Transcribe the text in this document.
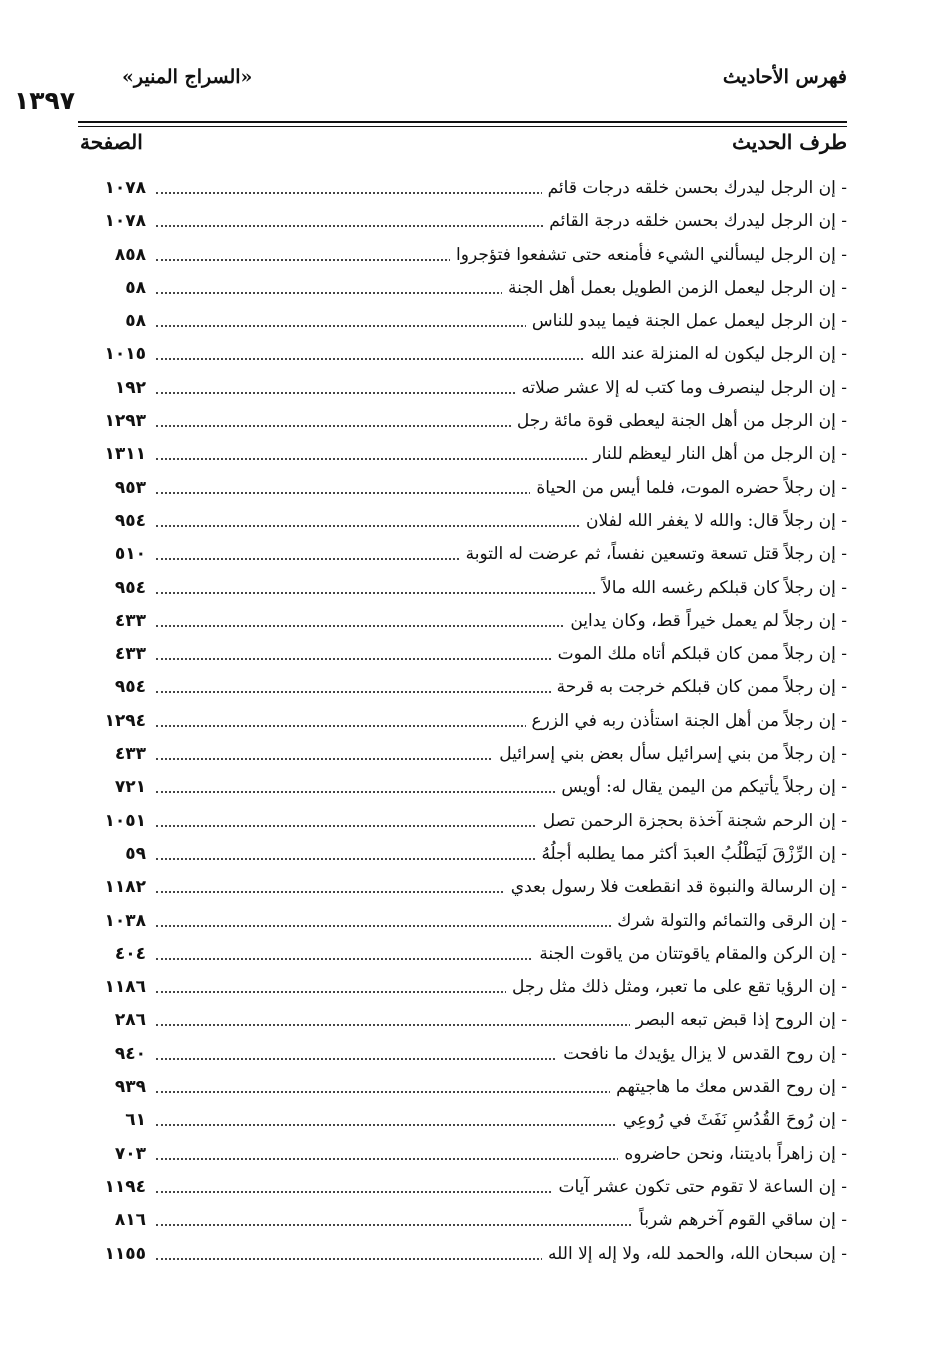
فهرس الأحاديث
«السراج المنير»
١٣٩٧
طرف الحديث
الصفحة
- إن الرجل ليدرك بحسن خلقه درجات قائم
١٠٧٨
- إن الرجل ليدرك بحسن خلقه درجة القائم
١٠٧٨
- إن الرجل ليسألني الشيء فأمنعه حتى تشفعوا فتؤجروا
٨٥٨
- إن الرجل ليعمل الزمن الطويل بعمل أهل الجنة
٥٨
- إن الرجل ليعمل عمل الجنة فيما يبدو للناس
٥٨
- إن الرجل ليكون له المنزلة عند الله
١٠١٥
- إن الرجل لينصرف وما كتب له إلا عشر صلاته
١٩٢
- إن الرجل من أهل الجنة ليعطى قوة مائة رجل
١٢٩٣
- إن الرجل من أهل النار ليعظم للنار
١٣١١
- إن رجلاً حضره الموت، فلما أيس من الحياة
٩٥٣
- إن رجلاً قال: والله لا يغفر الله لفلان
٩٥٤
- إن رجلاً قتل تسعة وتسعين نفساً، ثم عرضت له التوبة
٥١٠
- إن رجلاً كان قبلكم رغسه الله مالاً
٩٥٤
- إن رجلاً لم يعمل خيراً قط، وكان يداين
٤٣٣
- إن رجلاً ممن كان قبلكم أتاه ملك الموت
٤٣٣
- إن رجلاً ممن كان قبلكم خرجت به قرحة
٩٥٤
- إن رجلاً من أهل الجنة استأذن ربه في الزرع
١٢٩٤
- إن رجلاً من بني إسرائيل سأل بعض بني إسرائيل
٤٣٣
- إن رجلاً يأتيكم من اليمن يقال له: أويس
٧٢١
- إن الرحم شجنة آخذة بحجزة الرحمن تصل
١٠٥١
- إن الرِّزْقَ لَيَطْلُبُ العبدَ أكثر مما يطلبه أجلُهُ
٥٩
- إن الرسالة والنبوة قد انقطعت فلا رسول بعدي
١١٨٢
- إن الرقى والتمائم والتولة شرك
١٠٣٨
- إن الركن والمقام ياقوتتان من ياقوت الجنة
٤٠٤
- إن الرؤيا تقع على ما تعبر، ومثل ذلك مثل رجل
١١٨٦
- إن الروح إذا قبض تبعه البصر
٢٨٦
- إن روح القدس لا يزال يؤيدك ما نافحت
٩٤٠
- إن روح القدس معك ما هاجيتهم
٩٣٩
- إن رُوحَ القُدُسِ نَفَثَ في رُوعِي
٦١
- إن زاهراً باديتنا، ونحن حاضروه
٧٠٣
- إن الساعة لا تقوم حتى تكون عشر آيات
١١٩٤
- إن ساقي القوم آخرهم شرباً
٨١٦
- إن سبحان الله، والحمد لله، ولا إله إلا الله
١١٥٥
